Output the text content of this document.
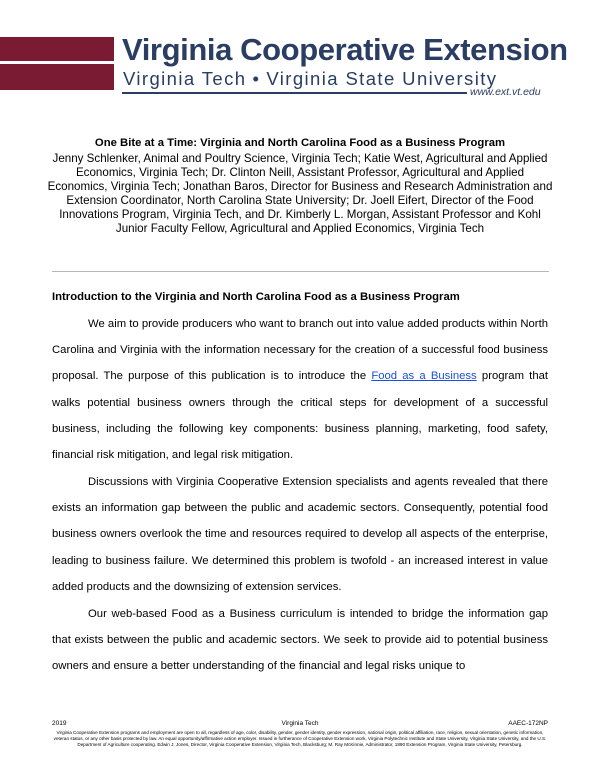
Virginia Cooperative Extension
Virginia Tech • Virginia State University
www.ext.vt.edu
One Bite at a Time: Virginia and North Carolina Food as a Business Program

Jenny Schlenker, Animal and Poultry Science, Virginia Tech; Katie West, Agricultural and Applied Economics, Virginia Tech; Dr. Clinton Neill, Assistant Professor, Agricultural and Applied Economics, Virginia Tech; Jonathan Baros, Director for Business and Research Administration and Extension Coordinator, North Carolina State University; Dr. Joell Eifert, Director of the Food Innovations Program, Virginia Tech, and Dr. Kimberly L. Morgan, Assistant Professor and Kohl Junior Faculty Fellow, Agricultural and Applied Economics, Virginia Tech

Introduction to the Virginia and North Carolina Food as a Business Program

We aim to provide producers who want to branch out into value added products within North Carolina and Virginia with the information necessary for the creation of a successful food business proposal. The purpose of this publication is to introduce the Food as a Business program that walks potential business owners through the critical steps for development of a successful business, including the following key components: business planning, marketing, food safety, financial risk mitigation, and legal risk mitigation.

Discussions with Virginia Cooperative Extension specialists and agents revealed that there exists an information gap between the public and academic sectors. Consequently, potential food business owners overlook the time and resources required to develop all aspects of the enterprise, leading to business failure. We determined this problem is twofold - an increased interest in value added products and the downsizing of extension services.

Our web-based Food as a Business curriculum is intended to bridge the information gap that exists between the public and academic sectors. We seek to provide aid to potential business owners and ensure a better understanding of the financial and legal risks unique to

2019	Virginia Tech	AAEC-172NP

Virginia Cooperative Extension programs and employment are open to all, regardless of age, color, disability, gender, gender identity, gender expression, national origin, political affiliation, race, religion, sexual orientation, genetic information, veteran status, or any other basis protected by law. An equal opportunity/affirmative action employer. Issued in furtherance of Cooperative Extension work, Virginia Polytechnic Institute and State University, Virginia State University, and the U.S. Department of Agriculture cooperating. Edwin J. Jones, Director, Virginia Cooperative Extension, Virginia Tech, Blacksburg; M. Ray McKinnie, Administrator, 1890 Extension Program, Virginia State University, Petersburg.
